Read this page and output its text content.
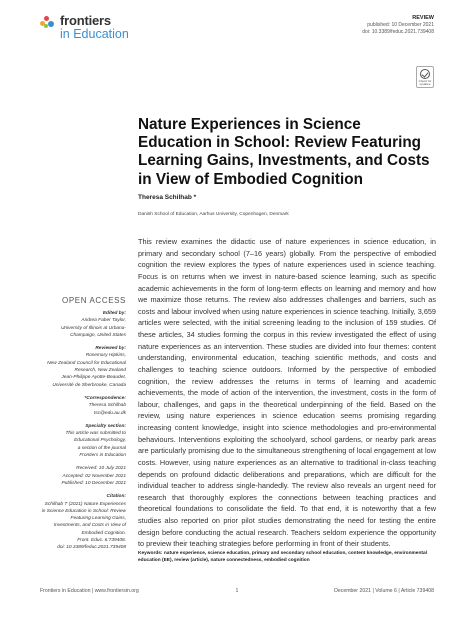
frontiers
in Education
REVIEW
published: 10 December 2021
doi: 10.3389/feduc.2021.739408
Check for updates
Nature Experiences in Science Education in School: Review Featuring Learning Gains, Investments, and Costs in View of Embodied Cognition
Theresa Schilhab *
Danish School of Education, Aarhus University, Copenhagen, Denmark
OPEN ACCESS
Edited by:
Andrea Faber Taylor,
University of Illinois at Urbana-
Champaign, United States
Reviewed by:
Rosemary Hipkins,
New Zealand Council for Educational
Research, New Zealand
Jean-Philippe Ayotte-Beaudet,
Université de Sherbrooke, Canada
*Correspondence:
Theresa Schilhab
tsc@edu.au.dk
Specialty section:
This article was submitted to
Educational Psychology,
a section of the journal
Frontiers in Education
Received: 10 July 2021
Accepted: 02 November 2021
Published: 10 December 2021
Citation:
Schilhab T (2021) Nature Experiences
in Science Education in School: Review
Featuring Learning Gains,
Investments, and Costs in View of
Embodied Cognition.
Front. Educ. 6:739408.
doi: 10.3389/feduc.2021.739408

This review examines the didactic use of nature experiences in science education, in primary and secondary school (7–16 years) globally. From the perspective of embodied cognition the review explores the types of nature experiences used in science teaching. Focus is on returns when we invest in nature-based science learning, such as specific academic achievements in the form of long-term effects on learning and memory and how we maximize those returns. The review also addresses challenges and barriers, such as costs and labour involved when using nature experiences in science teaching. Initially, 3,659 articles were selected, with the initial screening leading to the inclusion of 159 studies. Of these articles, 34 studies forming the corpus in this review investigated the effect of using nature experiences as an intervention. These studies are divided into four themes: content understanding, environmental education, teaching scientific methods, and costs and challenges to teaching science outdoors. Informed by the perspective of embodied cognition, the review addresses the returns in terms of learning and academic achievements, the mode of action of the intervention, the investment, costs in the form of labour, challenges, and gaps in the theoretical underpinning of the field. Based on the review, using nature experiences in science education seems promising regarding increasing content knowledge, insight into science methodologies and pro-environmental behaviours. Interventions exploiting the schoolyard, school gardens, or nearby park areas are particularly promising due to the simultaneous strengthening of local engagement at low costs. However, using nature experiences as an alternative to traditional in-class teaching depends on profound didactic deliberations and preparations, which are difficult for the individual teacher to address single-handedly. The review also reveals an urgent need for research that thoroughly explores the connections between teaching practices and theoretical foundations to consolidate the field. To that end, it is noteworthy that a few studies also reported on prior pilot studies demonstrating the need for testing the entire design before conducting the actual research. Teachers seldom experience the opportunity to preview their teaching strategies before performing in front of their students.

Keywords: nature experience, science education, primary and secondary school education, content knowledge, environmental education (EE), review (article), nature connectedness, embodied cognition
Frontiers in Education | www.frontiersin.org	1	December 2021 | Volume 6 | Article 739408
